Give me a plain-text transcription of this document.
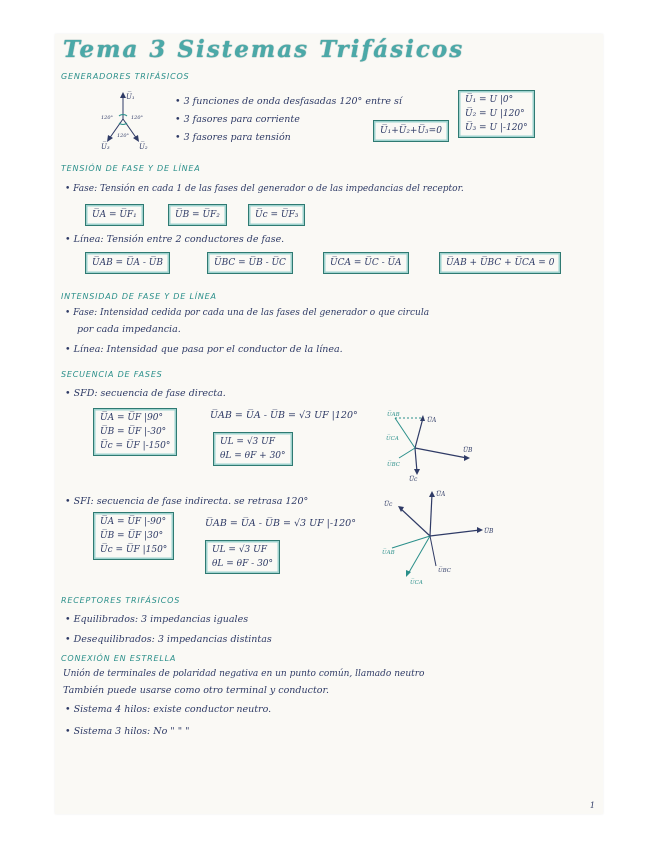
Tema 3 Sistemas Trifásicos
GENERADORES TRIFÁSICOS
U̅₁
U̅₃	U̅₂
120°	120°
120°
• 3 funciones de onda desfasadas 120° entre sí
• 3 fasores para corriente
• 3 fasores para tensión
U̅₁+U̅₂+U̅₃=0
U̅₁ = U |0°
U̅₂ = U |120°
U̅₃ = U |-120°
TENSIÓN DE FASE Y DE LÍNEA
• Fase: Tensión en cada 1 de las fases del generador o de las impedancias del receptor.
U̅A = U̅F₁	U̅B = U̅F₂	U̅c = U̅F₃
• Línea: Tensión entre 2 conductores de fase.
U̅AB = U̅A - U̅B	U̅BC = U̅B - U̅C	U̅CA = U̅C - U̅A	U̅AB + U̅BC + U̅CA = 0
INTENSIDAD DE FASE Y DE LÍNEA
• Fase: Intensidad cedida por cada una de las fases del generador o que circula
por cada impedancia.
• Línea: Intensidad que pasa por el conductor de la línea.
SECUENCIA DE FASES
• SFD: secuencia de fase directa.
U̅A = U̅F |90°
U̅B = U̅F |-30°
U̅c = U̅F |-150°
U̅AB = U̅A - U̅B = √3 UF |120°
UL = √3 UF
θL = θF + 30°
U̅A
U̅AB
U̅B
U̅c
U̅CA
U̅BC
• SFI: secuencia de fase indirecta. se retrasa 120°
U̅A = U̅F |-90°
U̅B = U̅F |30°
U̅c = U̅F |150°
U̅AB = U̅A - U̅B = √3 UF |-120°
UL = √3 UF
θL = θF - 30°
U̅A
U̅B
U̅c
U̅AB
U̅BC
U̅CA
RECEPTORES TRIFÁSICOS
• Equilibrados: 3 impedancias iguales
• Desequilibrados: 3 impedancias distintas
CONEXIÓN EN ESTRELLA
Unión de terminales de polaridad negativa en un punto común, llamado neutro
También puede usarse como otro terminal y conductor.
• Sistema 4 hilos: existe conductor neutro.
• Sistema 3 hilos: No " " "
1
